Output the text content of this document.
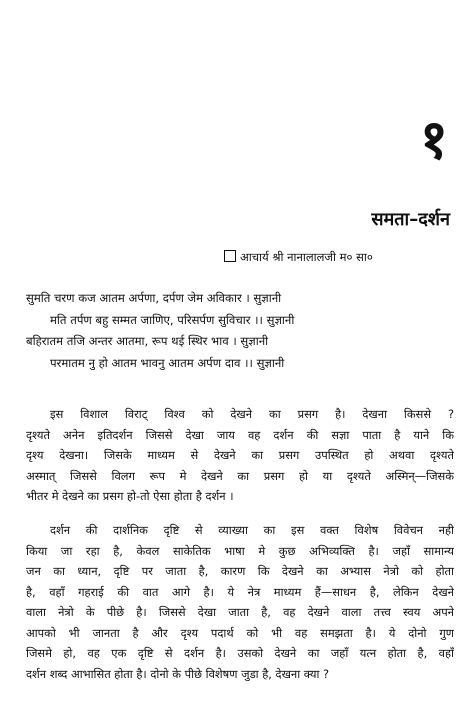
१
समता–दर्शन
आचार्य श्री नानालालजी म० सा०
सुमति चरण कज आतम अर्पणा, दर्पण जेम अविकार । सुज्ञानी
मति तर्पण बहु सम्मत जाणिए, परिसर्पण सुविचार ।। सुज्ञानी
बहिरातम तजि अन्तर आतमा, रूप थई स्थिर भाव । सुज्ञानी
परमातम नु हो आतम भावनु आतम अर्पण दाव ।। सुज्ञानी
इस विशाल विराट् विश्व को देखने का प्रसग है। देखना किससे ?
दृश्यते अनेन इतिदर्शन जिससे देखा जाय वह दर्शन की सज्ञा पाता है याने कि
दृश्य देखना। जिसके माध्यम से देखने का प्रसग उपस्थित हो अथवा दृश्यते
अस्मात् जिससे विलग रूप मे देखने का प्रसग हो या दृश्यते अस्मिन्—जिसके
भीतर मे देखने का प्रसग हो-तो ऐसा होता है दर्शन ।
दर्शन की दार्शनिक दृष्टि से व्याख्या का इस वक्त विशेष विवेचन नही
किया जा रहा है, केवल साकेतिक भाषा मे कुछ अभिव्यक्ति है। जहाँ सामान्य
जन का ध्यान, दृष्टि पर जाता है, कारण कि देखने का अभ्यास नेत्रो को होता
है, वहाँ गहराई की वात आगे है। ये नेत्र माध्यम हैं—साधन है, लेकिन देखने
वाला नेत्रो के पीछे है। जिससे देखा जाता है, वह देखने वाला तत्त्व स्वय अपने
आपको भी जानता है और दृश्य पदार्थ को भी वह समझता है। ये दोनो गुण
जिसमे हो, वह एक दृष्टि से दर्शन है। उसको देखने का जहाँ यत्न होता है, वहाँ
दर्शन शब्द आभासित होता है। दोनो के पीछे विशेषण जुडा है, देखना क्या ?
